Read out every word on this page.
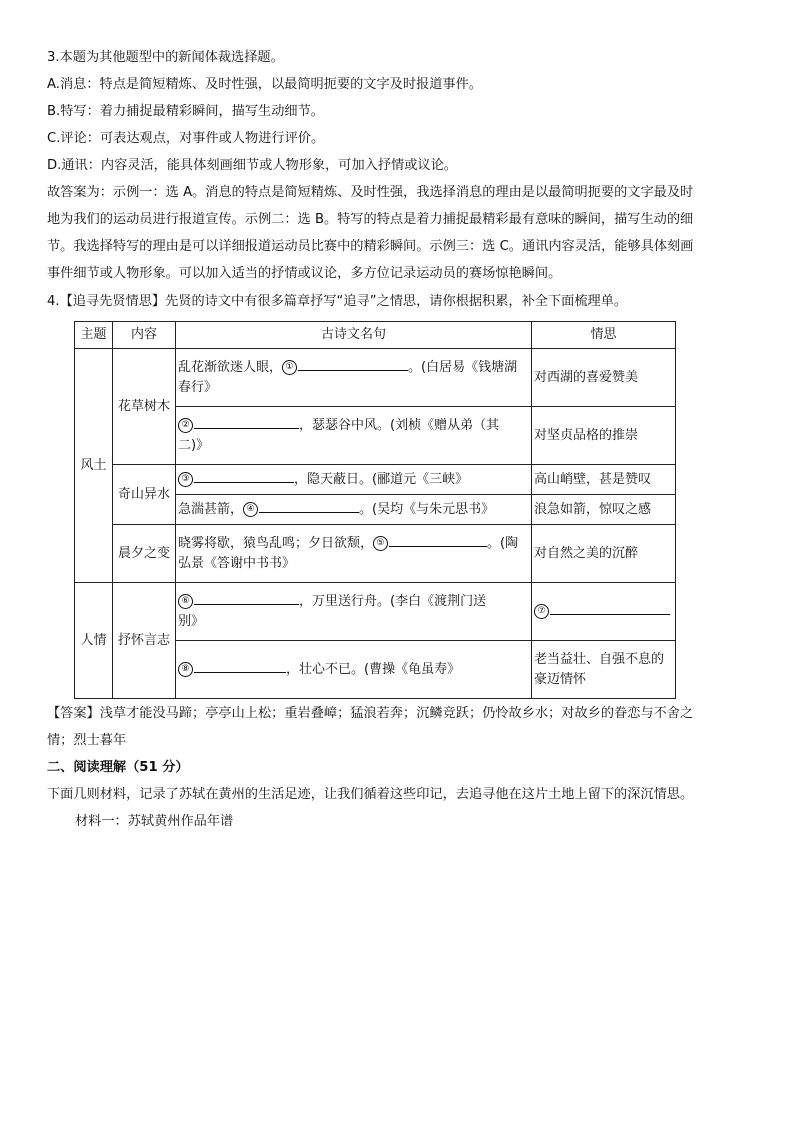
3.本题为其他题型中的新闻体裁选择题。
A.消息：特点是简短精炼、及时性强，以最简明扼要的文字及时报道事件。
B.特写：着力捕捉最精彩瞬间，描写生动细节。
C.评论：可表达观点，对事件或人物进行评价。
D.通讯：内容灵活，能具体刻画细节或人物形象，可加入抒情或议论。
故答案为：示例一：选 A。消息的特点是简短精炼、及时性强，我选择消息的理由是以最简明扼要的文字最及时
地为我们的运动员进行报道宣传。示例二：选 B。特写的特点是着力捕捉最精彩最有意味的瞬间，描写生动的细
节。我选择特写的理由是可以详细报道运动员比赛中的精彩瞬间。示例三：选 C。通讯内容灵活，能够具体刻画
事件细节或人物形象。可以加入适当的抒情或议论，多方位记录运动员的赛场惊艳瞬间。
4.【追寻先贤情思】先贤的诗文中有很多篇章抒写“追寻”之情思，请你根据积累，补全下面梳理单。
主题	内容	古诗文名句	情思
风土	花草树木	乱花渐欲迷人眼， ① 。(白居易《钱塘湖
春行》	对西湖的喜爱赞美
		② ，瑟瑟谷中风。(刘桢《赠从弟（其
二)》	对坚贞品格的推崇
	奇山异水	③ ，隐天蔽日。(郦道元《三峡》	高山峭壁，甚是赞叹
		急湍甚箭， ④ 。(吴均《与朱元思书》	浪急如箭，惊叹之感
	晨夕之变	晓雾将歇，猿鸟乱鸣；夕日欲颓， ⑤ 。(陶
弘景《答谢中书书》	对自然之美的沉醉
人情	抒怀言志	⑥ ，万里送行舟。(李白《渡荆门送
别》	⑦
		⑧ ，壮心不已。(曹操《龟虽寿》	老当益壮、自强不息的
豪迈情怀
【答案】浅草才能没马蹄；亭亭山上松；重岩叠嶂；猛浪若奔；沉鳞竞跃；仍怜故乡水；对故乡的眷恋与不舍之
情；烈士暮年
二、阅读理解（51 分）
下面几则材料，记录了苏轼在黄州的生活足迹，让我们循着这些印记，去追寻他在这片土地上留下的深沉情思。
材料一：苏轼黄州作品年谱
